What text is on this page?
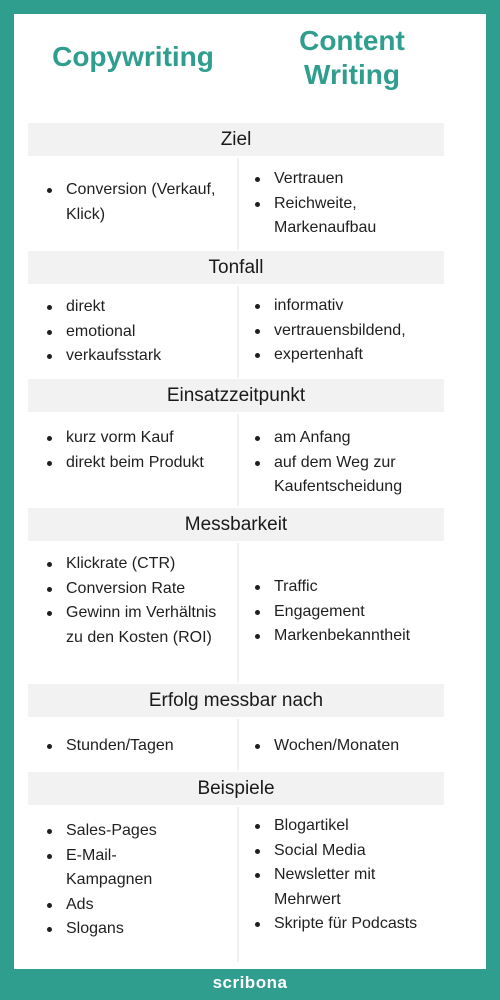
Copywriting
Content
Writing
Ziel
Conversion (Verkauf, Klick)
Vertrauen
Reichweite, Markenaufbau
Tonfall
direkt
emotional
verkaufsstark
informativ
vertrauensbildend,
expertenhaft
Einsatzzeitpunkt
kurz vorm Kauf
direkt beim Produkt
am Anfang
auf dem Weg zur Kaufentscheidung
Messbarkeit
Klickrate (CTR)
Conversion Rate
Gewinn im Verhältnis zu den Kosten (ROI)
Traffic
Engagement
Markenbekanntheit
Erfolg messbar nach
Stunden/Tagen	Wochen/Monaten
Beispiele
Sales-Pages
E-Mail-Kampagnen
Ads
Slogans
Blogartikel
Social Media
Newsletter mit Mehrwert
Skripte für Podcasts
scribona
